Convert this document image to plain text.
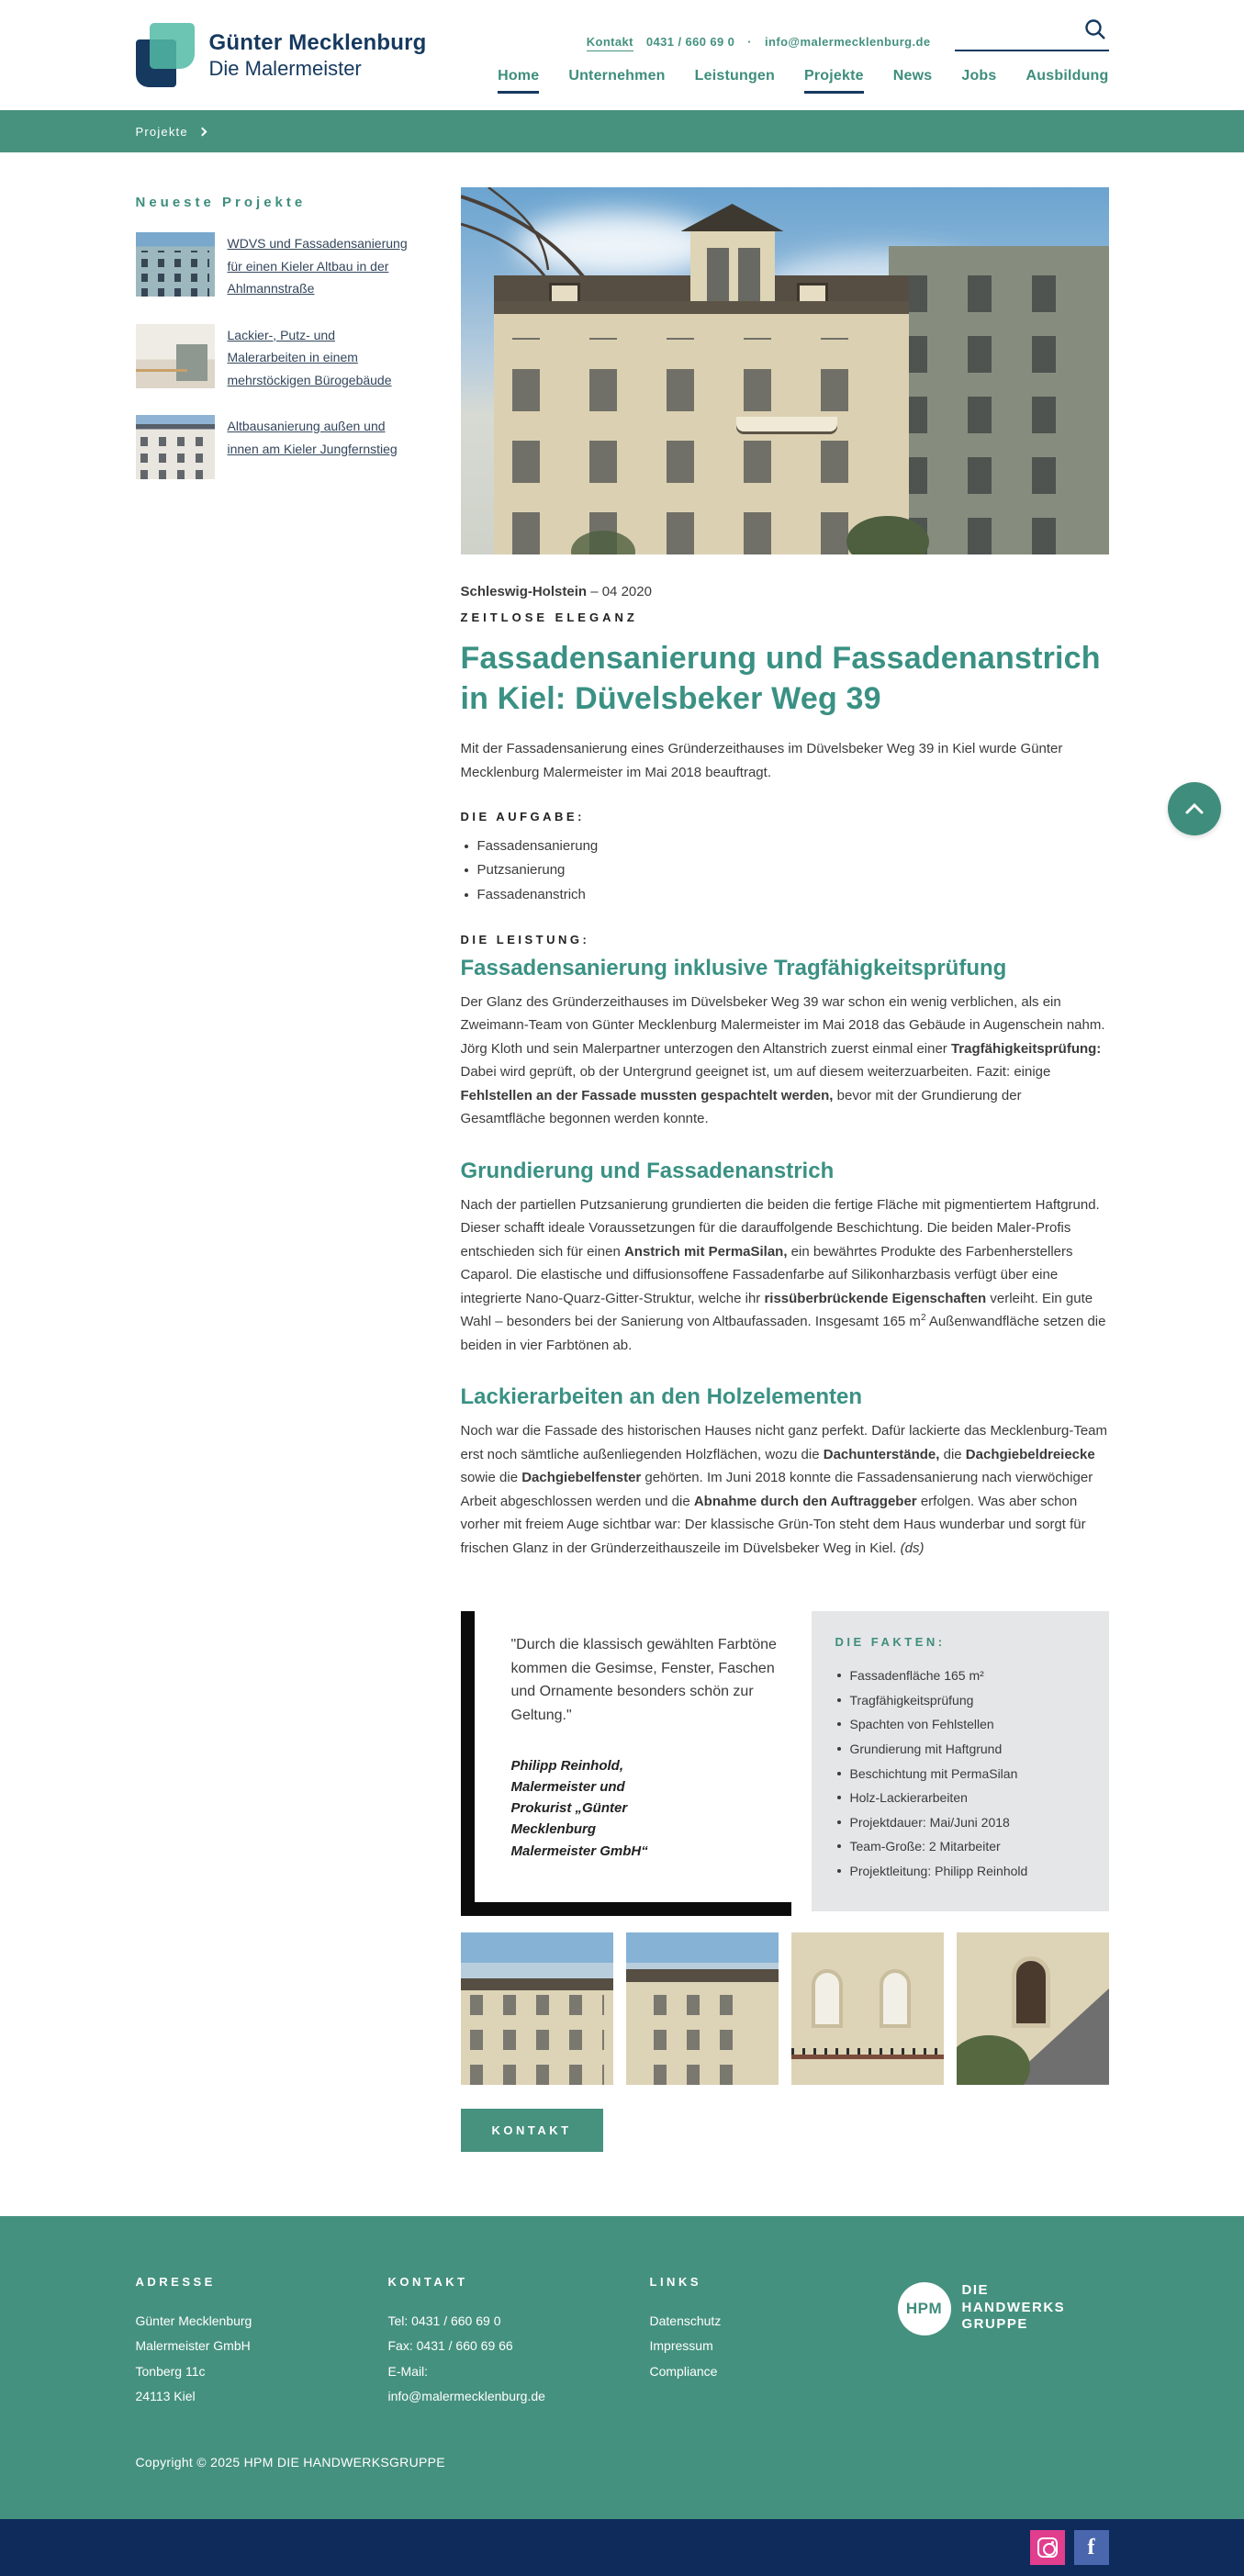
Günter Mecklenburg
Die Malermeister
Kontakt 0431 / 660 69 0 · info@malermecklenburg.de
Home Unternehmen Leistungen Projekte News Jobs Ausbildung
Projekte
Neueste Projekte
WDVS und Fassadensanierung für einen Kieler Altbau in der Ahlmannstraße
Lackier-, Putz- und Malerarbeiten in einem mehrstöckigen Bürogebäude
Altbausanierung außen und innen am Kieler Jungfernstieg
Schleswig-Holstein – 04 2020
ZEITLOSE ELEGANZ
Fassadensanierung und Fassadenanstrich in Kiel: Düvelsbeker Weg 39

Mit der Fassadensanierung eines Gründerzeithauses im Düvelsbeker Weg 39 in Kiel wurde Günter Mecklenburg Malermeister im Mai 2018 beauftragt.

DIE AUFGABE:
Fassadensanierung
Putzsanierung
Fassadenanstrich
DIE LEISTUNG:
Fassadensanierung inklusive Tragfähigkeitsprüfung

Der Glanz des Gründerzeithauses im Düvelsbeker Weg 39 war schon ein wenig verblichen, als ein Zweimann-Team von Günter Mecklenburg Malermeister im Mai 2018 das Gebäude in Augenschein nahm. Jörg Kloth und sein Malerpartner unterzogen den Altanstrich zuerst einmal einer Tragfähigkeitsprüfung: Dabei wird geprüft, ob der Untergrund geeignet ist, um auf diesem weiterzuarbeiten. Fazit: einige Fehlstellen an der Fassade mussten gespachtelt werden, bevor mit der Grundierung der Gesamtfläche begonnen werden konnte.

Grundierung und Fassadenanstrich

Nach der partiellen Putzsanierung grundierten die beiden die fertige Fläche mit pigmentiertem Haftgrund. Dieser schafft ideale Voraussetzungen für die darauffolgende Beschichtung. Die beiden Maler-Profis entschieden sich für einen Anstrich mit PermaSilan, ein bewährtes Produkte des Farbenherstellers Caparol. Die elastische und diffusionsoffene Fassadenfarbe auf Silikonharzbasis verfügt über eine integrierte Nano-Quarz-Gitter-Struktur, welche ihr rissüberbrückende Eigenschaften verleiht. Ein gute Wahl – besonders bei der Sanierung von Altbaufassaden. Insgesamt 165 $m^2$ Außenwandfläche setzen die beiden in vier Farbtönen ab.

Lackierarbeiten an den Holzelementen

Noch war die Fassade des historischen Hauses nicht ganz perfekt. Dafür lackierte das Mecklenburg-Team erst noch sämtliche außenliegenden Holzflächen, wozu die Dachunterstände, die Dachgiebeldreiecke sowie die Dachgiebelfenster gehörten. Im Juni 2018 konnte die Fassadensanierung nach vierwöchiger Arbeit abgeschlossen werden und die Abnahme durch den Auftraggeber erfolgen. Was aber schon vorher mit freiem Auge sichtbar war: Der klassische Grün-Ton steht dem Haus wunderbar und sorgt für frischen Glanz in der Gründerzeithauszeile im Düvelsbeker Weg in Kiel. (ds)

"Durch die klassisch gewählten Farbtöne kommen die Gesimse, Fenster, Faschen und Ornamente besonders schön zur Geltung."
Philipp Reinhold, Malermeister und Prokurist „Günter Mecklenburg Malermeister GmbH“
DIE FAKTEN:
Fassadenfläche 165 m²
Tragfähigkeitsprüfung
Spachten von Fehlstellen
Grundierung mit Haftgrund
Beschichtung mit PermaSilan
Holz-Lackierarbeiten
Projektdauer: Mai/Juni 2018
Team-Große: 2 Mitarbeiter
Projektleitung: Philipp Reinhold
KONTAKT
ADRESSE
Günter Mecklenburg
Malermeister GmbH
Tonberg 11c
24113 Kiel
KONTAKT
Tel: 0431 / 660 69 0
Fax: 0431 / 660 69 66
E-Mail:
info@malermecklenburg.de
LINKS
Datenschutz
Impressum
Compliance
HPM
DIE
HANDWERKS
GRUPPE
Copyright © 2025 HPM DIE HANDWERKSGRUPPE
f
